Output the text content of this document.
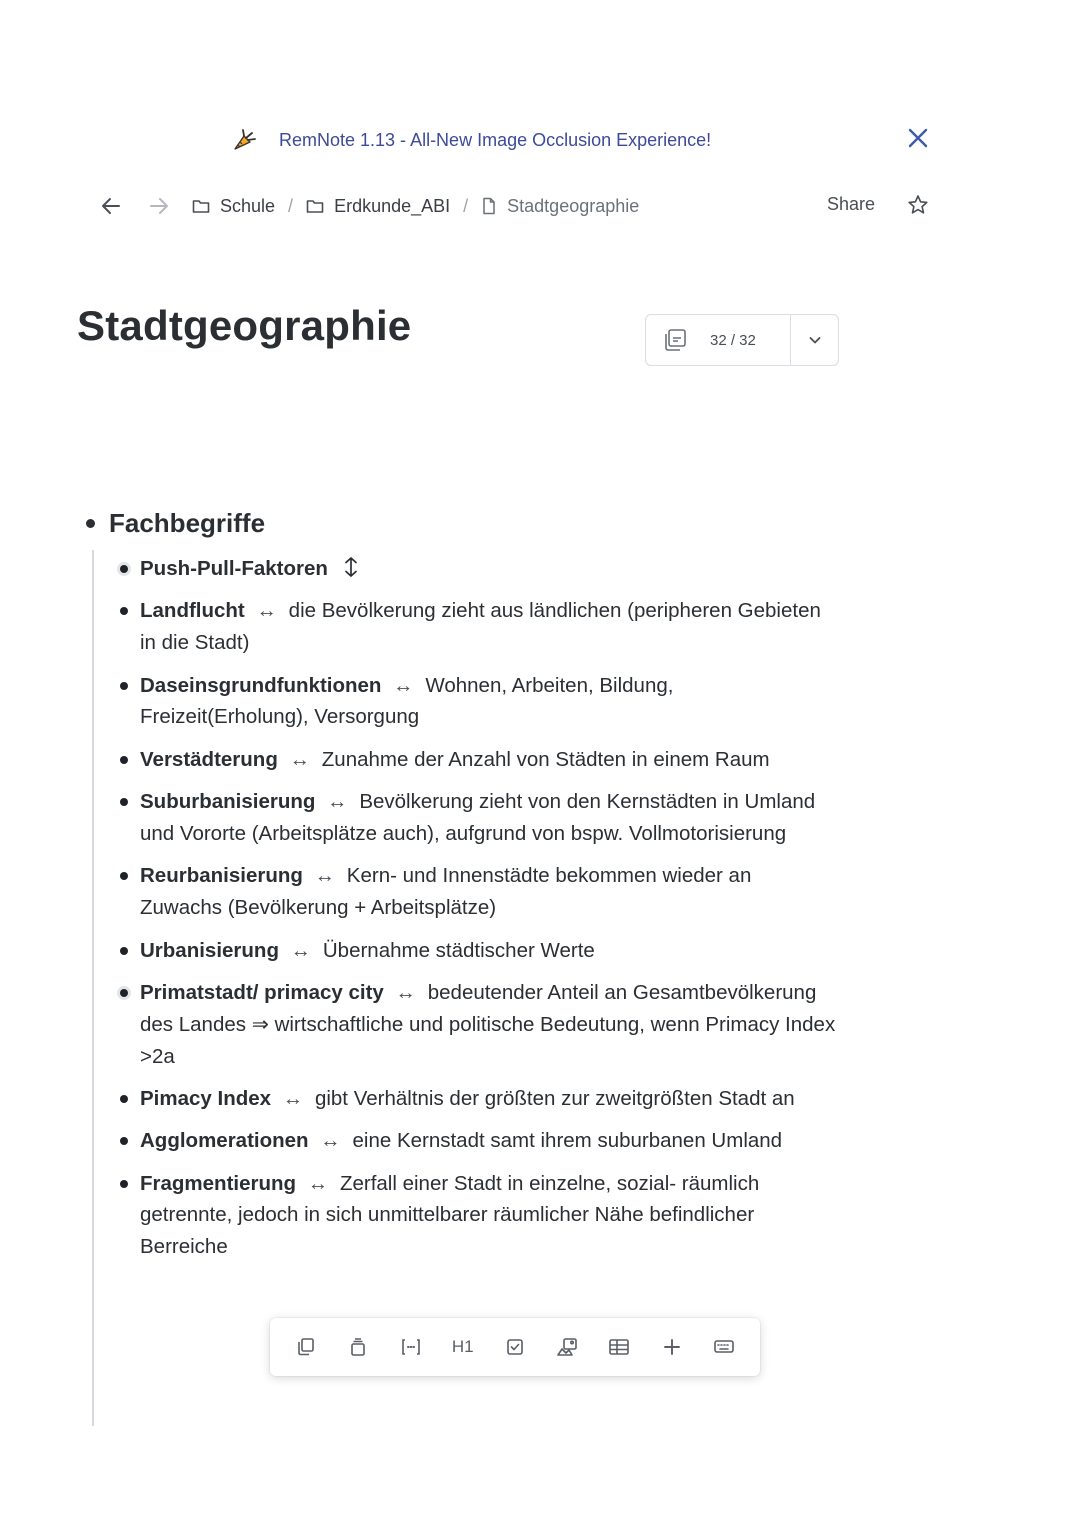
RemNote 1.13 - All-New Image Occlusion Experience!
Schule / Erdkunde_ABI / Stadtgeographie	Share
Stadtgeographie	32 / 32
Fachbegriffe
Push-Pull-Faktoren
Landflucht ↔ die Bevölkerung zieht aus ländlichen (peripheren Gebieten in die Stadt)
Daseinsgrundfunktionen ↔ Wohnen, Arbeiten, Bildung, Freizeit(Erholung), Versorgung
Verstädterung ↔ Zunahme der Anzahl von Städten in einem Raum
Suburbanisierung ↔ Bevölkerung zieht von den Kernstädten in Umland und Vororte (Arbeitsplätze auch), aufgrund von bspw. Vollmotorisierung
Reurbanisierung ↔ Kern- und Innenstädte bekommen wieder an Zuwachs (Bevölkerung + Arbeitsplätze)
Urbanisierung ↔ Übernahme städtischer Werte
Primatstadt/ primacy city ↔ bedeutender Anteil an Gesamtbevölkerung des Landes ⇒ wirtschaftliche und politische Bedeutung, wenn Primacy Index >2a
Pimacy Index ↔ gibt Verhältnis der größten zur zweitgrößten Stadt an
Agglomerationen ↔ eine Kernstadt samt ihrem suburbanen Umland
Fragmentierung ↔ Zerfall einer Stadt in einzelne, sozial- räumlich getrennte, jedoch in sich unmittelbarer räumlicher Nähe befindlicher Berreiche
H1
